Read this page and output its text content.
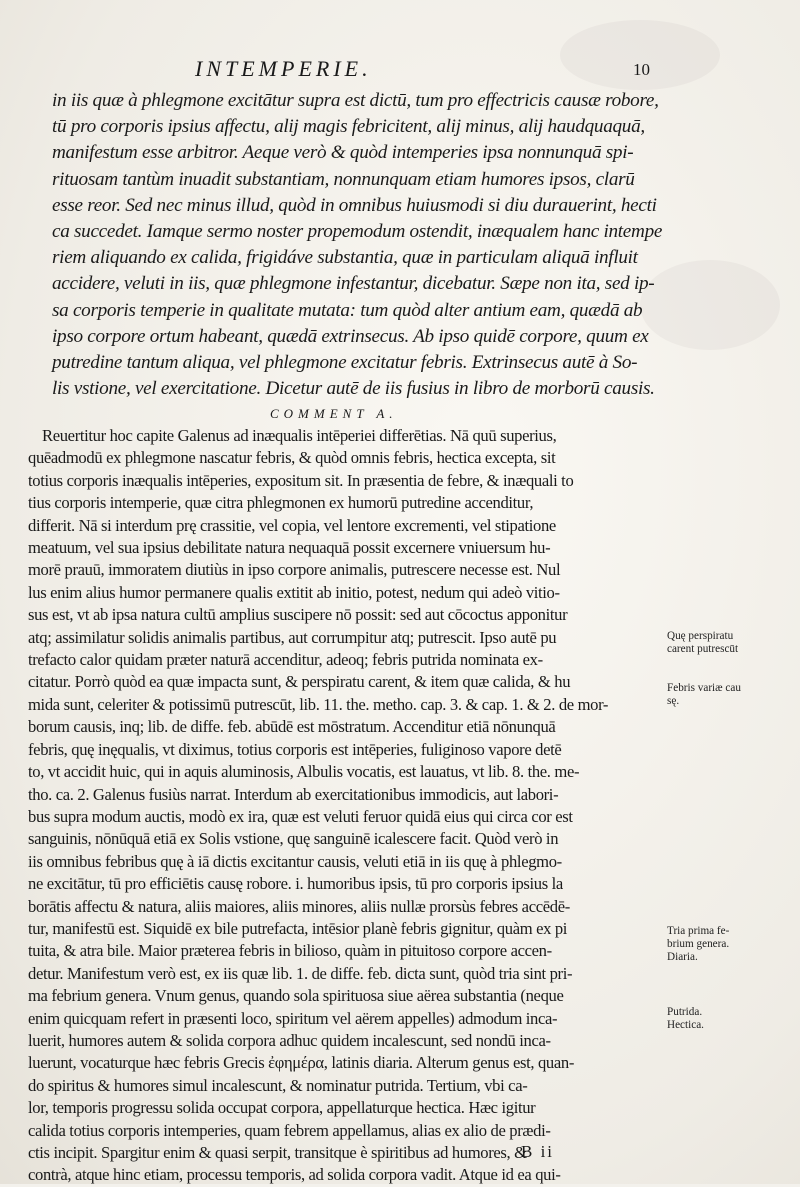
INTEMPERIE.	10
in iis quæ à phlegmone excitātur supra est dictū, tum pro effectricis causæ robore,
tū pro corporis ipsius affectu, alij magis febricitent, alij minus, alij haudquaquā,
manifestum esse arbitror. Aeque verò & quòd intemperies ipsa nonnunquā spi-
rituosam tantùm inuadit substantiam, nonnunquam etiam humores ipsos, clarū
esse reor. Sed nec minus illud, quòd in omnibus huiusmodi si diu durauerint, hecti
ca succedet. Iamque sermo noster propemodum ostendit, inæqualem hanc intempe
riem aliquando ex calida, frigidáve substantia, quæ in particulam aliquā influit
accidere, veluti in iis, quæ phlegmone infestantur, dicebatur. Sæpe non ita, sed ip-
sa corporis temperie in qualitate mutata: tum quòd alter antium eam, quædā ab
ipso corpore ortum habeant, quædā extrinsecus. Ab ipso quidē corpore, quum ex
putredine tantum aliqua, vel phlegmone excitatur febris. Extrinsecus autē à So-
lis vstione, vel exercitatione. Dicetur autē de iis fusius in libro de morborū causis.
COMMENT A.
Reuertitur hoc capite Galenus ad inæqualis intēperiei differētias. Nā quū superius,
quēadmodū ex phlegmone nascatur febris, & quòd omnis febris, hectica excepta, sit
totius corporis inæqualis intēperies, expositum sit. In præsentia de febre, & inæquali to
tius corporis intemperie, quæ citra phlegmonen ex humorū putredine accenditur,
differit. Nā si interdum prę crassitie, vel copia, vel lentore excrementi, vel stipatione
meatuum, vel sua ipsius debilitate natura nequaquā possit excernere vniuersum hu-
morē prauū, immoratem diutiùs in ipso corpore animalis, putrescere necesse est. Nul
lus enim alius humor permanere qualis extitit ab initio, potest, nedum qui adeò vitio-
sus est, vt ab ipsa natura cultū amplius suscipere nō possit: sed aut cōcoctus apponitur
atq; assimilatur solidis animalis partibus, aut corrumpitur atq; putrescit. Ipso autē pu
trefacto calor quidam præter naturā accenditur, adeoq; febris putrida nominata ex-
citatur. Porrò quòd ea quæ impacta sunt, & perspiratu carent, & item quæ calida, & hu
mida sunt, celeriter & potissimū putrescūt, lib. 11. the. metho. cap. 3. & cap. 1. & 2. de mor-
borum causis, inq; lib. de diffe. feb. abūdē est mōstratum. Accenditur etiā nōnunquā
febris, quę inęqualis, vt diximus, totius corporis est intēperies, fuliginoso vapore detē
to, vt accidit huic, qui in aquis aluminosis, Albulis vocatis, est lauatus, vt lib. 8. the. me-
tho. ca. 2. Galenus fusiùs narrat. Interdum ab exercitationibus immodicis, aut labori-
bus supra modum auctis, modò ex ira, quæ est veluti feruor quidā eius qui circa cor est
sanguinis, nōnūquā etiā ex Solis vstione, quę sanguinē icalescere facit. Quòd verò in
iis omnibus febribus quę à iā dictis excitantur causis, veluti etiā in iis quę à phlegmo-
ne excitātur, tū pro efficiētis causę robore. i. humoribus ipsis, tū pro corporis ipsius la
borātis affectu & natura, aliis maiores, aliis minores, aliis nullæ prorsùs febres accēdē-
tur, manifestū est. Siquidē ex bile putrefacta, intēsior planè febris gignitur, quàm ex pi
tuita, & atra bile. Maior præterea febris in bilioso, quàm in pituitoso corpore accen-
detur. Manifestum verò est, ex iis quæ lib. 1. de diffe. feb. dicta sunt, quòd tria sint pri-
ma febrium genera. Vnum genus, quando sola spirituosa siue aërea substantia (neque
enim quicquam refert in præsenti loco, spiritum vel aërem appelles) admodum inca-
luerit, humores autem & solida corpora adhuc quidem incalescunt, sed nondū inca-
luerunt, vocaturque hæc febris Grecis ἐφημέρα, latinis diaria. Alterum genus est, quan-
do spiritus & humores simul incalescunt, & nominatur putrida. Tertium, vbi ca-
lor, temporis progressu solida occupat corpora, appellaturque hectica. Hæc igitur
calida totius corporis intemperies, quam febrem appellamus, alias ex alio de prædi-
ctis incipit. Spargitur enim & quasi serpit, transitque è spiritibus ad humores, &
contrà, atque hinc etiam, processu temporis, ad solida corpora vadit. Atque id ea qui-
Quę perspiratu
carent putrescūt
Febris variæ cau
sę.
Tria prima fe-
brium genera.
Diaria.
Putrida.
Hectica.
B ii
